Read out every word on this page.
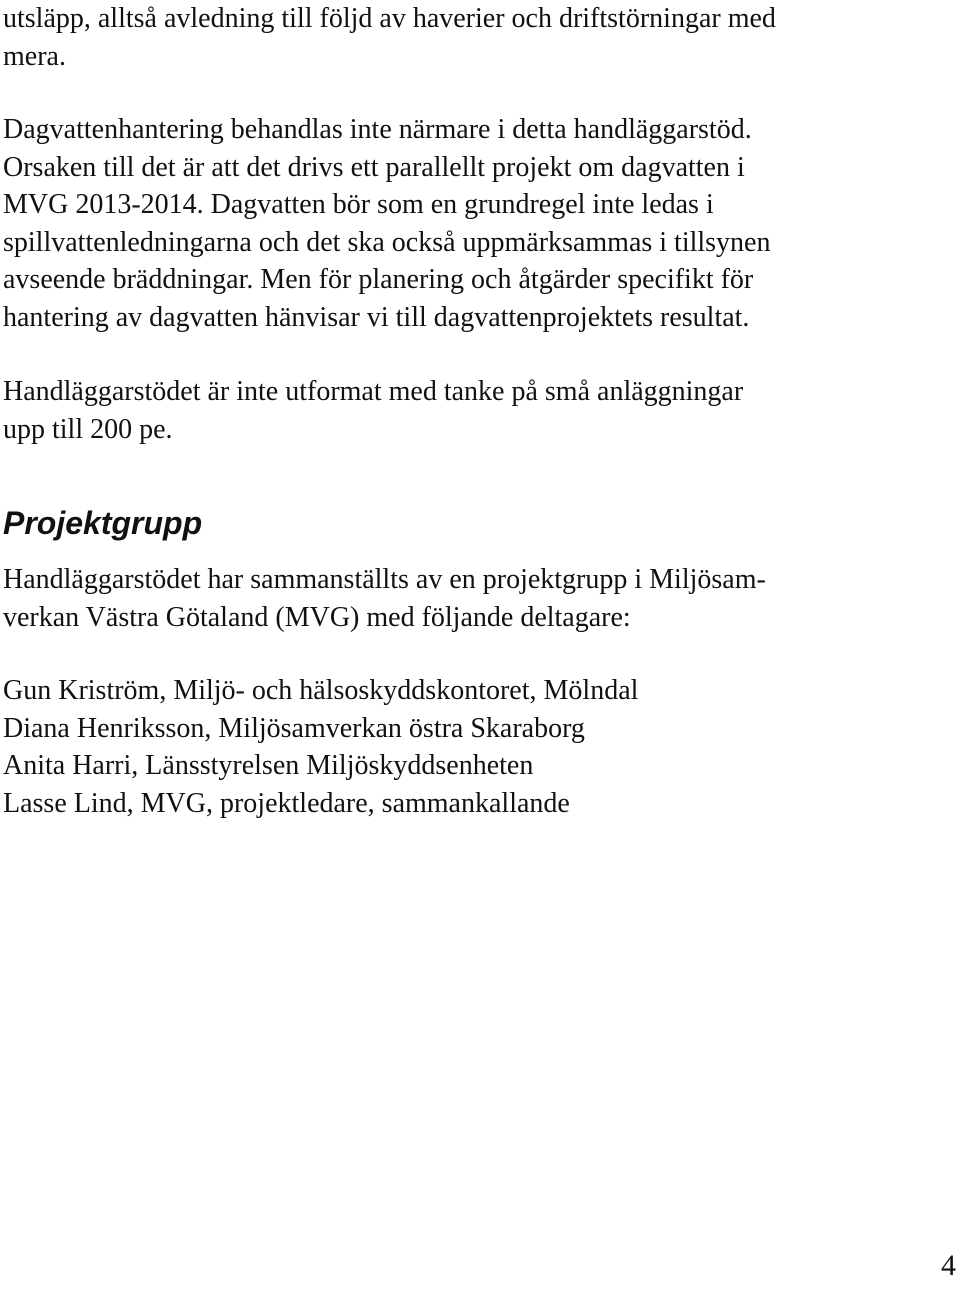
utsläpp, alltså avledning till följd av haverier och driftstörningar med
mera.

Dagvattenhantering behandlas inte närmare i detta handläggarstöd.
Orsaken till det är att det drivs ett parallellt projekt om dagvatten i
MVG 2013-2014. Dagvatten bör som en grundregel inte ledas i
spillvattenledningarna och det ska också uppmärksammas i tillsynen
avseende bräddningar. Men för planering och åtgärder specifikt för
hantering av dagvatten hänvisar vi till dagvattenprojektets resultat.

Handläggarstödet är inte utformat med tanke på små anläggningar
upp till 200 pe.

Projektgrupp

Handläggarstödet har sammanställts av en projektgrupp i Miljösam-
verkan Västra Götaland (MVG) med följande deltagare:

Gun Kriström, Miljö- och hälsoskyddskontoret, Mölndal
Diana Henriksson, Miljösamverkan östra Skaraborg
Anita Harri, Länsstyrelsen Miljöskyddsenheten
Lasse Lind, MVG, projektledare, sammankallande
4
